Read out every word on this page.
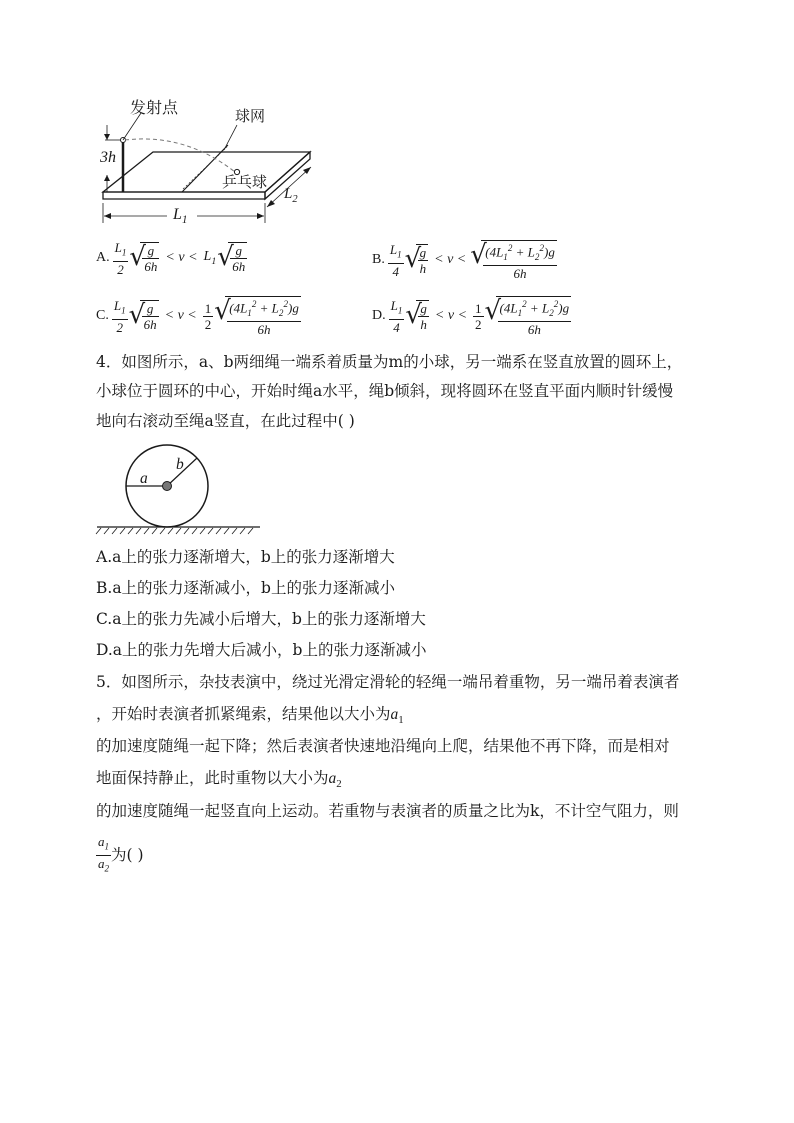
发射点	球网
乒乓球
3h
$L_1$
$L_2$
A. $\frac{L_1}{2}$ √ $\frac{g}{6h} < v < L_1$ √ $\frac{g}{6h}$	B. $\frac{L_1}{4}$ √ $\frac{g}{h} < v$ < √ $\frac{(4L_1^2 + L_2^2)g}{6h}$
C. $\frac{L_1}{2}$ √ $\frac{g}{6h} < v < \frac{1}{2}$ √ $\frac{(4L_1^2 + L_2^2)g}{6h}$	D. $\frac{L_1}{4}$ √ $\frac{g}{h} < v < \frac{1}{2}$ √ $\frac{(4L_1^2 + L_2^2)g}{6h}$
4．如图所示，a、b两细绳一端系着质量为m的小球，另一端系在竖直放置的圆环上，
小球位于圆环的中心，开始时绳a水平，绳b倾斜，现将圆环在竖直平面内顺时针缓慢
地向右滚动至绳a竖直，在此过程中( )
a
b
A.a上的张力逐渐增大，b上的张力逐渐增大
B.a上的张力逐渐减小，b上的张力逐渐减小
C.a上的张力先减小后增大，b上的张力逐渐增大
D.a上的张力先增大后减小，b上的张力逐渐减小
5．如图所示，杂技表演中，绕过光滑定滑轮的轻绳一端吊着重物，另一端吊着表演者
，开始时表演者抓紧绳索，结果他以大小为$a_1$
的加速度随绳一起下降；然后表演者快速地沿绳向上爬，结果他不再下降，而是相对
地面保持静止，此时重物以大小为$a_2$
的加速度随绳一起竖直向上运动。若重物与表演者的质量之比为k，不计空气阻力，则
$\frac{a_1}{a_2}$ 为( )
